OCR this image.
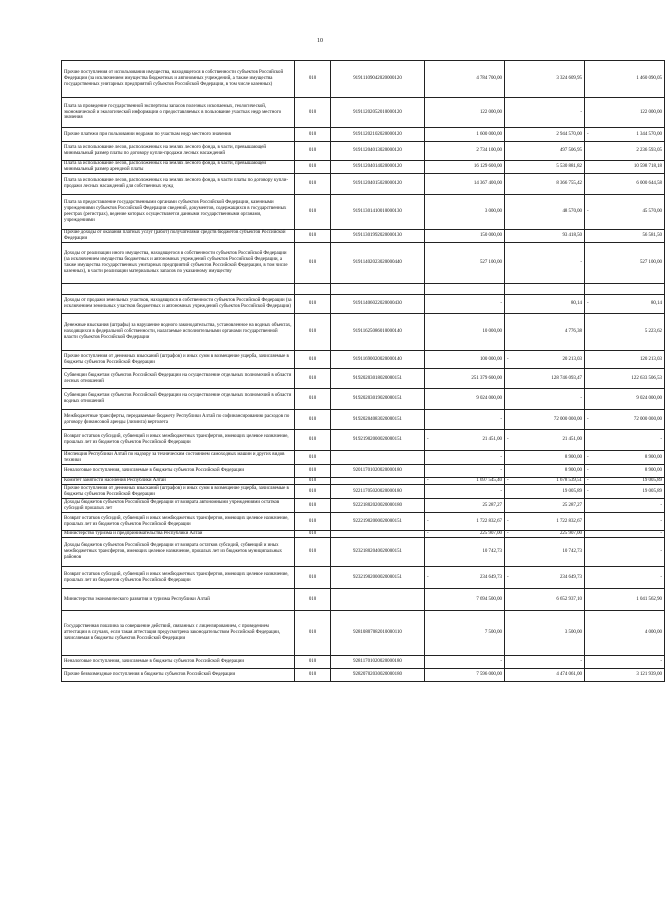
10
Прочие поступления от использования имущества, находящегося в собственности субъектов Российской Федерации (за исключением имущества бюджетных и автономных учреждений, а также имущества государственных унитарных предприятий субъектов Российской Федерации, в том числе казенных)	010	91911109042020000120	4 784 700,00	3 324 609,95	1 460 090,05
Плата за проведение государственной экспертизы запасов полезных ископаемых, геологической, экономической и экологической информации о предоставляемых в пользование участках недр местного значения	010	91911202052010000120	122 000,00	-	122 000,00
Прочие платежи при пользовании недрами по участкам недр местного значения	010	91911202102020000120	1 600 000,00	2 944 570,00	- 1 344 570,00
Плата за использование лесов, расположенных на землях лесного фонда, в части, превышающей минимальный размер платы по договору купли-продажи лесных насаждений	010	91911204013020000120	2 734 100,00	497 506,95	2 236 593,05
Плата за использование лесов, расположенных на землях лесного фонда, в части, превышающей минимальный размер арендной платы	010	91911204014020000120	16 129 600,00	5 530 881,82	10 598 718,18
Плата за использование лесов, расположенных на землях лесного фонда, в части платы по договору купли-продажи лесных насаждений для собственных нужд	010	91911204015020000120	14 367 400,00	8 366 755,42	6 000 644,58
Плата за предоставление государственными органами субъектов Российской Федерации, казенными учреждениями субъектов Российской Федерации сведений, документов, содержащихся в государственных реестрах (регистрах), ведение которых осуществляется данными государственными органами, учреждениями	010	91911301410010000130	3 000,00	48 570,00	- 45 570,00
Прочие доходы от оказания платных услуг (работ) получателями средств бюджетов субъектов Российской Федерации	010	91911301992020000130	150 000,00	93 418,50	56 581,50
Доходы от реализации иного имущества, находящегося в собственности субъектов Российской Федерации (за исключением имущества бюджетных и автономных учреждений субъектов Российской Федерации, а также имущества государственных унитарных предприятий субъектов Российской Федерации, в том числе казенных), в части реализации материальных запасов по указанному имуществу	010	91911402023020000440	527 100,00	-	527 100,00

Доходы от продажи земельных участков, находящихся в собственности субъектов Российской Федерации (за исключением земельных участков бюджетных и автономных учреждений субъектов Российской Федерации)	010	91911406022020000430	-	80,14	- 80,14
Денежные взыскания (штрафы) за нарушение водного законодательства, установленное на водных объектах, находящихся в федеральной собственности, налагаемые исполнительными органами государственной власти субъектов Российской Федерации	010	91911625086010000140	10 000,00	4 776,38	5 223,62
Прочие поступления от денежных взысканий (штрафов) и иных сумм в возмещение ущерба, зачисляемые в бюджеты субъектов Российской Федерации	010	91911690020020000140	100 000,00	- 20 213,03	120 213,03
Субвенции бюджетам субъектов Российской Федерации на осуществление отдельных полномочий в области лесных отношений	010	91920203018020000151	251 379 600,00	128 746 093,47	122 633 506,53
Субвенции бюджетам субъектов Российской Федерации на осуществление отдельных полномочий в области водных отношений	010	91920203019020000151	9 024 000,00	-	9 024 000,00
Межбюджетные трансферты, передаваемые бюджету Республики Алтай по софинансированию расходов по договору финансовой аренды (лизинга) вертолета	010	91920204083020000151	-	72 000 000,00	- 72 000 000,00
Возврат остатков субсидий, субвенций и иных межбюджетных трансфертов, имеющих целевое назначение, прошлых лет из бюджетов субъектов Российской Федерации	010	91921902000020000151	- 21 451,00	- 21 451,00	-
Инспекция Республики Алтай по надзору за техническим состоянием самоходных машин и других видов техники	010		-	8 900,00	- 8 900,00
Неналоговые поступления, зачисляемые в бюджеты субъектов Российской Федерации	010	92011701020020000180	-	8 900,00	- 8 900,00
Комитет занятости населения Республики Алтай	010		- 1 697 545,40	- 1 678 539,51	- 19 005,89
Прочие поступления от денежных взысканий (штрафов) и иных сумм в возмещение ущерба, зачисляемые в бюджеты субъектов Российской Федерации	010	92211705020020000180	-	19 005,89	- 19 005,89
Доходы бюджетов субъектов Российской Федерации от возврата автономными учреждениями остатков субсидий прошлых лет	010	92221802020020000180	25 287,27	25 287,27	-
Возврат остатков субсидий, субвенций и иных межбюджетных трансфертов, имеющих целевое назначение, прошлых лет из бюджетов субъектов Российской Федерации	010	92221902000020000151	- 1 722 832,67	- 1 722 832,67	-
Министерство туризма и предпринимательства Республики Алтай	010		- 225 907,00	- 225 907,00	-
Доходы бюджетов субъектов Российской Федерации от возврата остатков субсидий, субвенций и иных межбюджетных трансфертов, имеющих целевое назначение, прошлых лет из бюджетов муниципальных районов	010	92321802040020000151	10 742,73	10 742,73	-
Возврат остатков субсидий, субвенций и иных межбюджетных трансфертов, имеющих целевое назначение, прошлых лет из бюджетов субъектов Российской Федерации	010	92321902000020000151	- 234 649,73	- 234 649,73	-
Министерство экономического развития и туризма Республики Алтай	010		7 694 500,00	6 652 937,10	1 041 562,90
Государственная пошлина за совершение действий, связанных с лицензированием, с проведением аттестации в случаях, если такая аттестация предусмотрена законодательством Российской Федерации, зачисляемая в бюджеты субъектов Российской Федерации	010	92810807082010000110	7 500,00	3 500,00	4 000,00
Неналоговые поступления, зачисляемые в бюджеты субъектов Российской Федерации	010	92811701020020000180	-	-	-
Прочие безвозмездные поступления в бюджеты субъектов Российской Федерации	010	92820702030020000180	7 596 000,00	4 474 061,00	3 121 939,00
